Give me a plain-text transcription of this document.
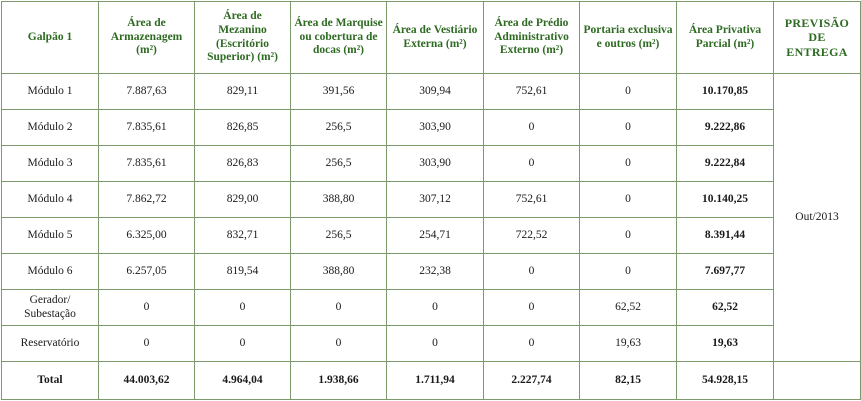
Galpão 1	Área de Armazenagem (m²)	Área de Mezanino (Escritório Superior) (m²)	Área de Marquise ou cobertura de docas (m²)	Área de Vestiário Externa (m²)	Área de Prédio Administrativo Externo (m²)	Portaria exclusiva e outros (m²)	Área Privativa Parcial (m²)	PREVISÃO DE ENTREGA
Módulo 1	7.887,63	829,11	391,56	309,94	752,61	0	10.170,85	Out/2013
Módulo 2	7.835,61	826,85	256,5	303,90	0	0	9.222,86	
Módulo 3	7.835,61	826,83	256,5	303,90	0	0	9.222,84	
Módulo 4	7.862,72	829,00	388,80	307,12	752,61	0	10.140,25	
Módulo 5	6.325,00	832,71	256,5	254,71	722,52	0	8.391,44	
Módulo 6	6.257,05	819,54	388,80	232,38	0	0	7.697,77	
Gerador/ Subestação	0	0	0	0	0	62,52	62,52	
Reservatório	0	0	0	0	0	19,63	19,63	
Total	44.003,62	4.964,04	1.938,66	1.711,94	2.227,74	82,15	54.928,15	
